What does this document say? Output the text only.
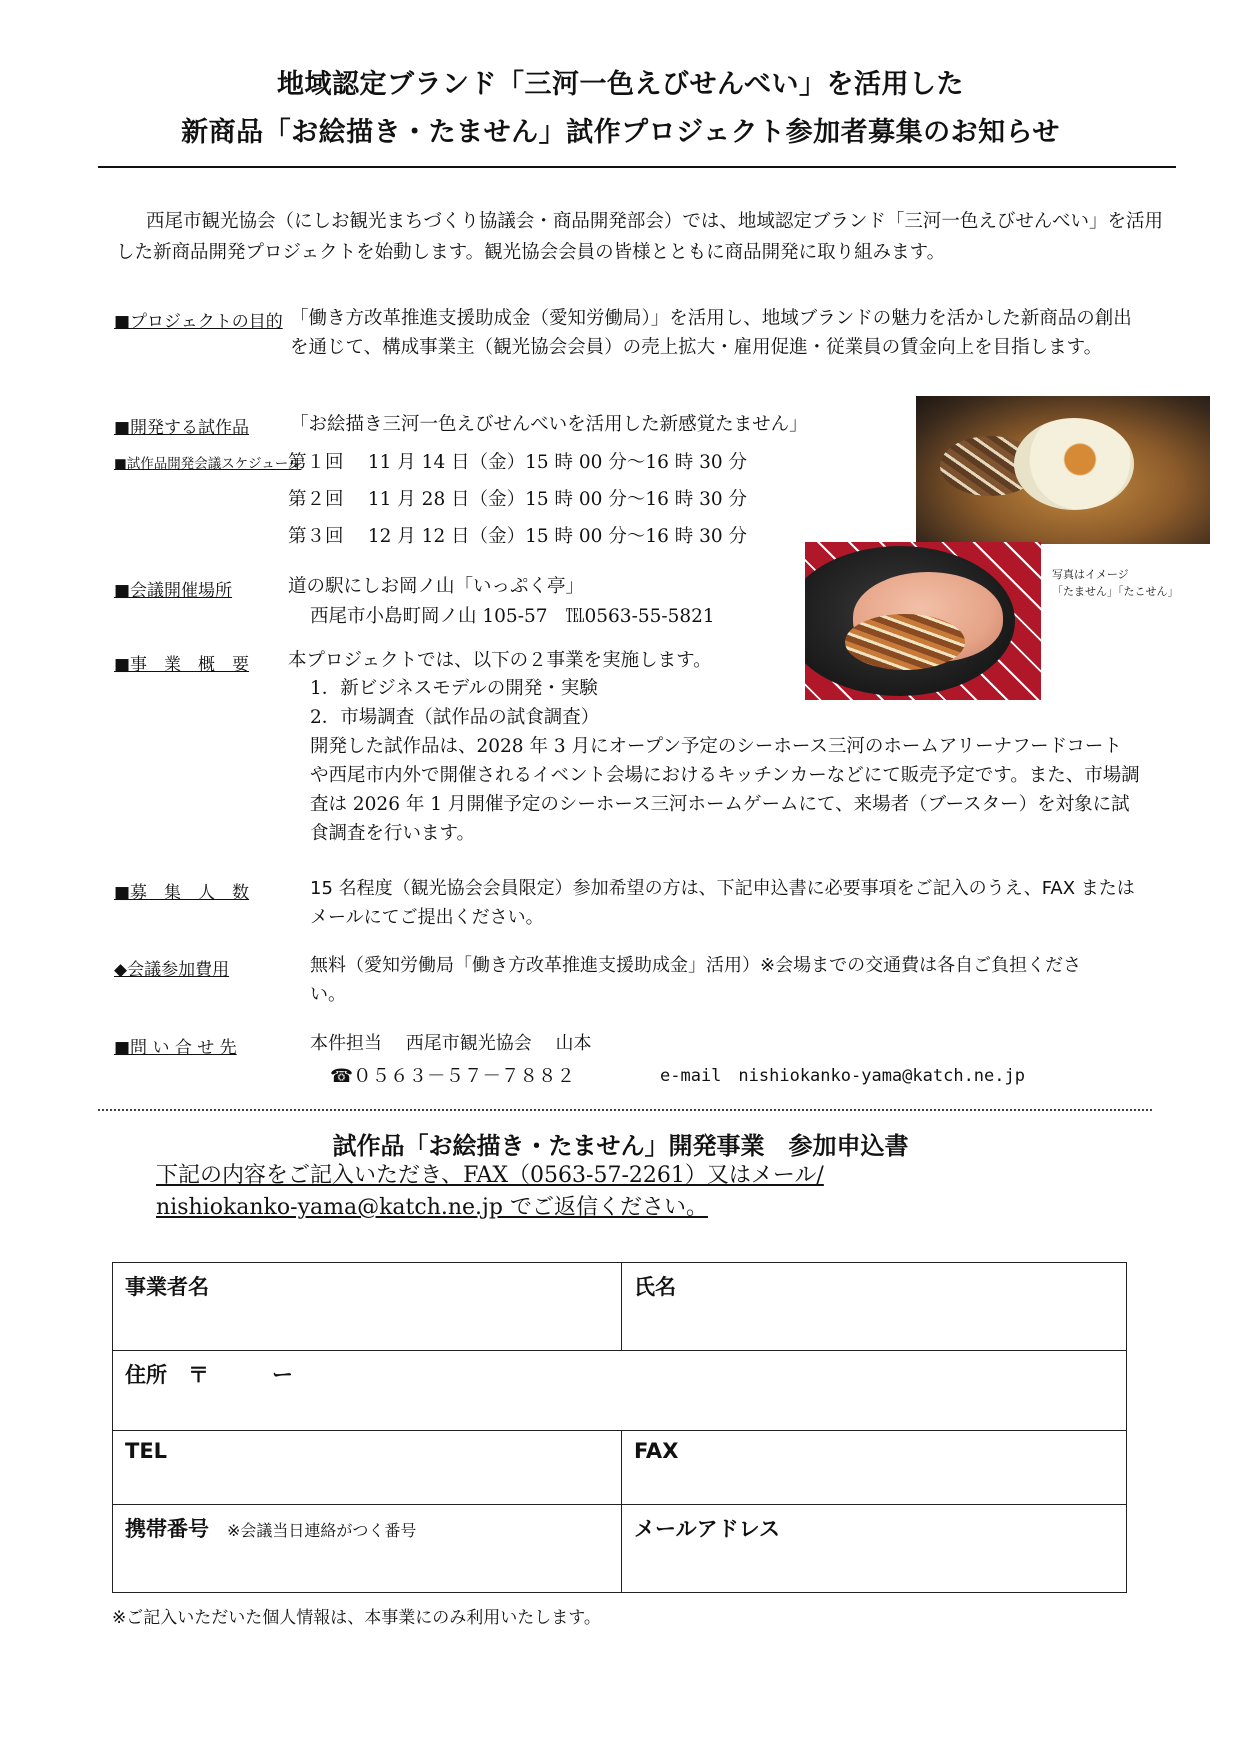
地域認定ブランド「三河一色えびせんべい」を活用した
新商品「お絵描き・たません」試作プロジェクト参加者募集のお知らせ
西尾市観光協会（にしお観光まちづくり協議会・商品開発部会）では、地域認定ブランド「三河一色えびせんべい」を活用した新商品開発プロジェクトを始動します。観光協会会員の皆様とともに商品開発に取り組みます。
■プロジェクトの目的 「働き方改革推進支援助成金（愛知労働局）」を活用し、地域ブランドの魅力を活かした新商品の創出を通じて、構成事業主（観光協会会員）の売上拡大・雇用促進・従業員の賃金向上を目指します。
■開発する試作品 「お絵描き三河一色えびせんべいを活用した新感覚たません」
■試作品開発会議スケジュール
第１回　 11 月 14 日（金）15 時 00 分～16 時 30 分
第２回　 11 月 28 日（金）15 時 00 分～16 時 30 分
第３回　 12 月 12 日（金）15 時 00 分～16 時 30 分
写真はイメージ
「たません」「たこせん」
■会議開催場所	道の駅にしお岡ノ山「いっぷく亭」
西尾市小島町岡ノ山 105-57　℡0563-55-5821
■事　業　概　要 本プロジェクトでは、以下の２事業を実施します。
1．新ビジネスモデルの開発・実験
2．市場調査（試作品の試食調査）
開発した試作品は、2028 年 3 月にオープン予定のシーホース三河のホームアリーナフードコートや西尾市内外で開催されるイベント会場におけるキッチンカーなどにて販売予定です。また、市場調査は 2026 年 1 月開催予定のシーホース三河ホームゲームにて、来場者（ブースター）を対象に試食調査を行います。
■募　集　人　数	15 名程度（観光協会会員限定）参加希望の方は、下記申込書に必要事項をご記入のうえ、FAX またはメールにてご提出ください。
◆会議参加費用	無料（愛知労働局「働き方改革推進支援助成金」活用）※会場までの交通費は各自ご負担ください。
■問 い 合 せ 先	本件担当　 西尾市観光協会　 山本
☎０５６３－５７－７８８２	e-mail　nishiokanko-yama@katch.ne.jp
試作品「お絵描き・たません」開発事業　参加申込書
下記の内容をご記入いただき、FAX（0563-57-2261）又はメール/
nishiokanko-yama@katch.ne.jp でご返信ください。
事業者名	氏名
住所　〒　　　ー	
TEL	FAX
携帯番号 ※会議当日連絡がつく番号	メールアドレス
※ご記入いただいた個人情報は、本事業にのみ利用いたします。
